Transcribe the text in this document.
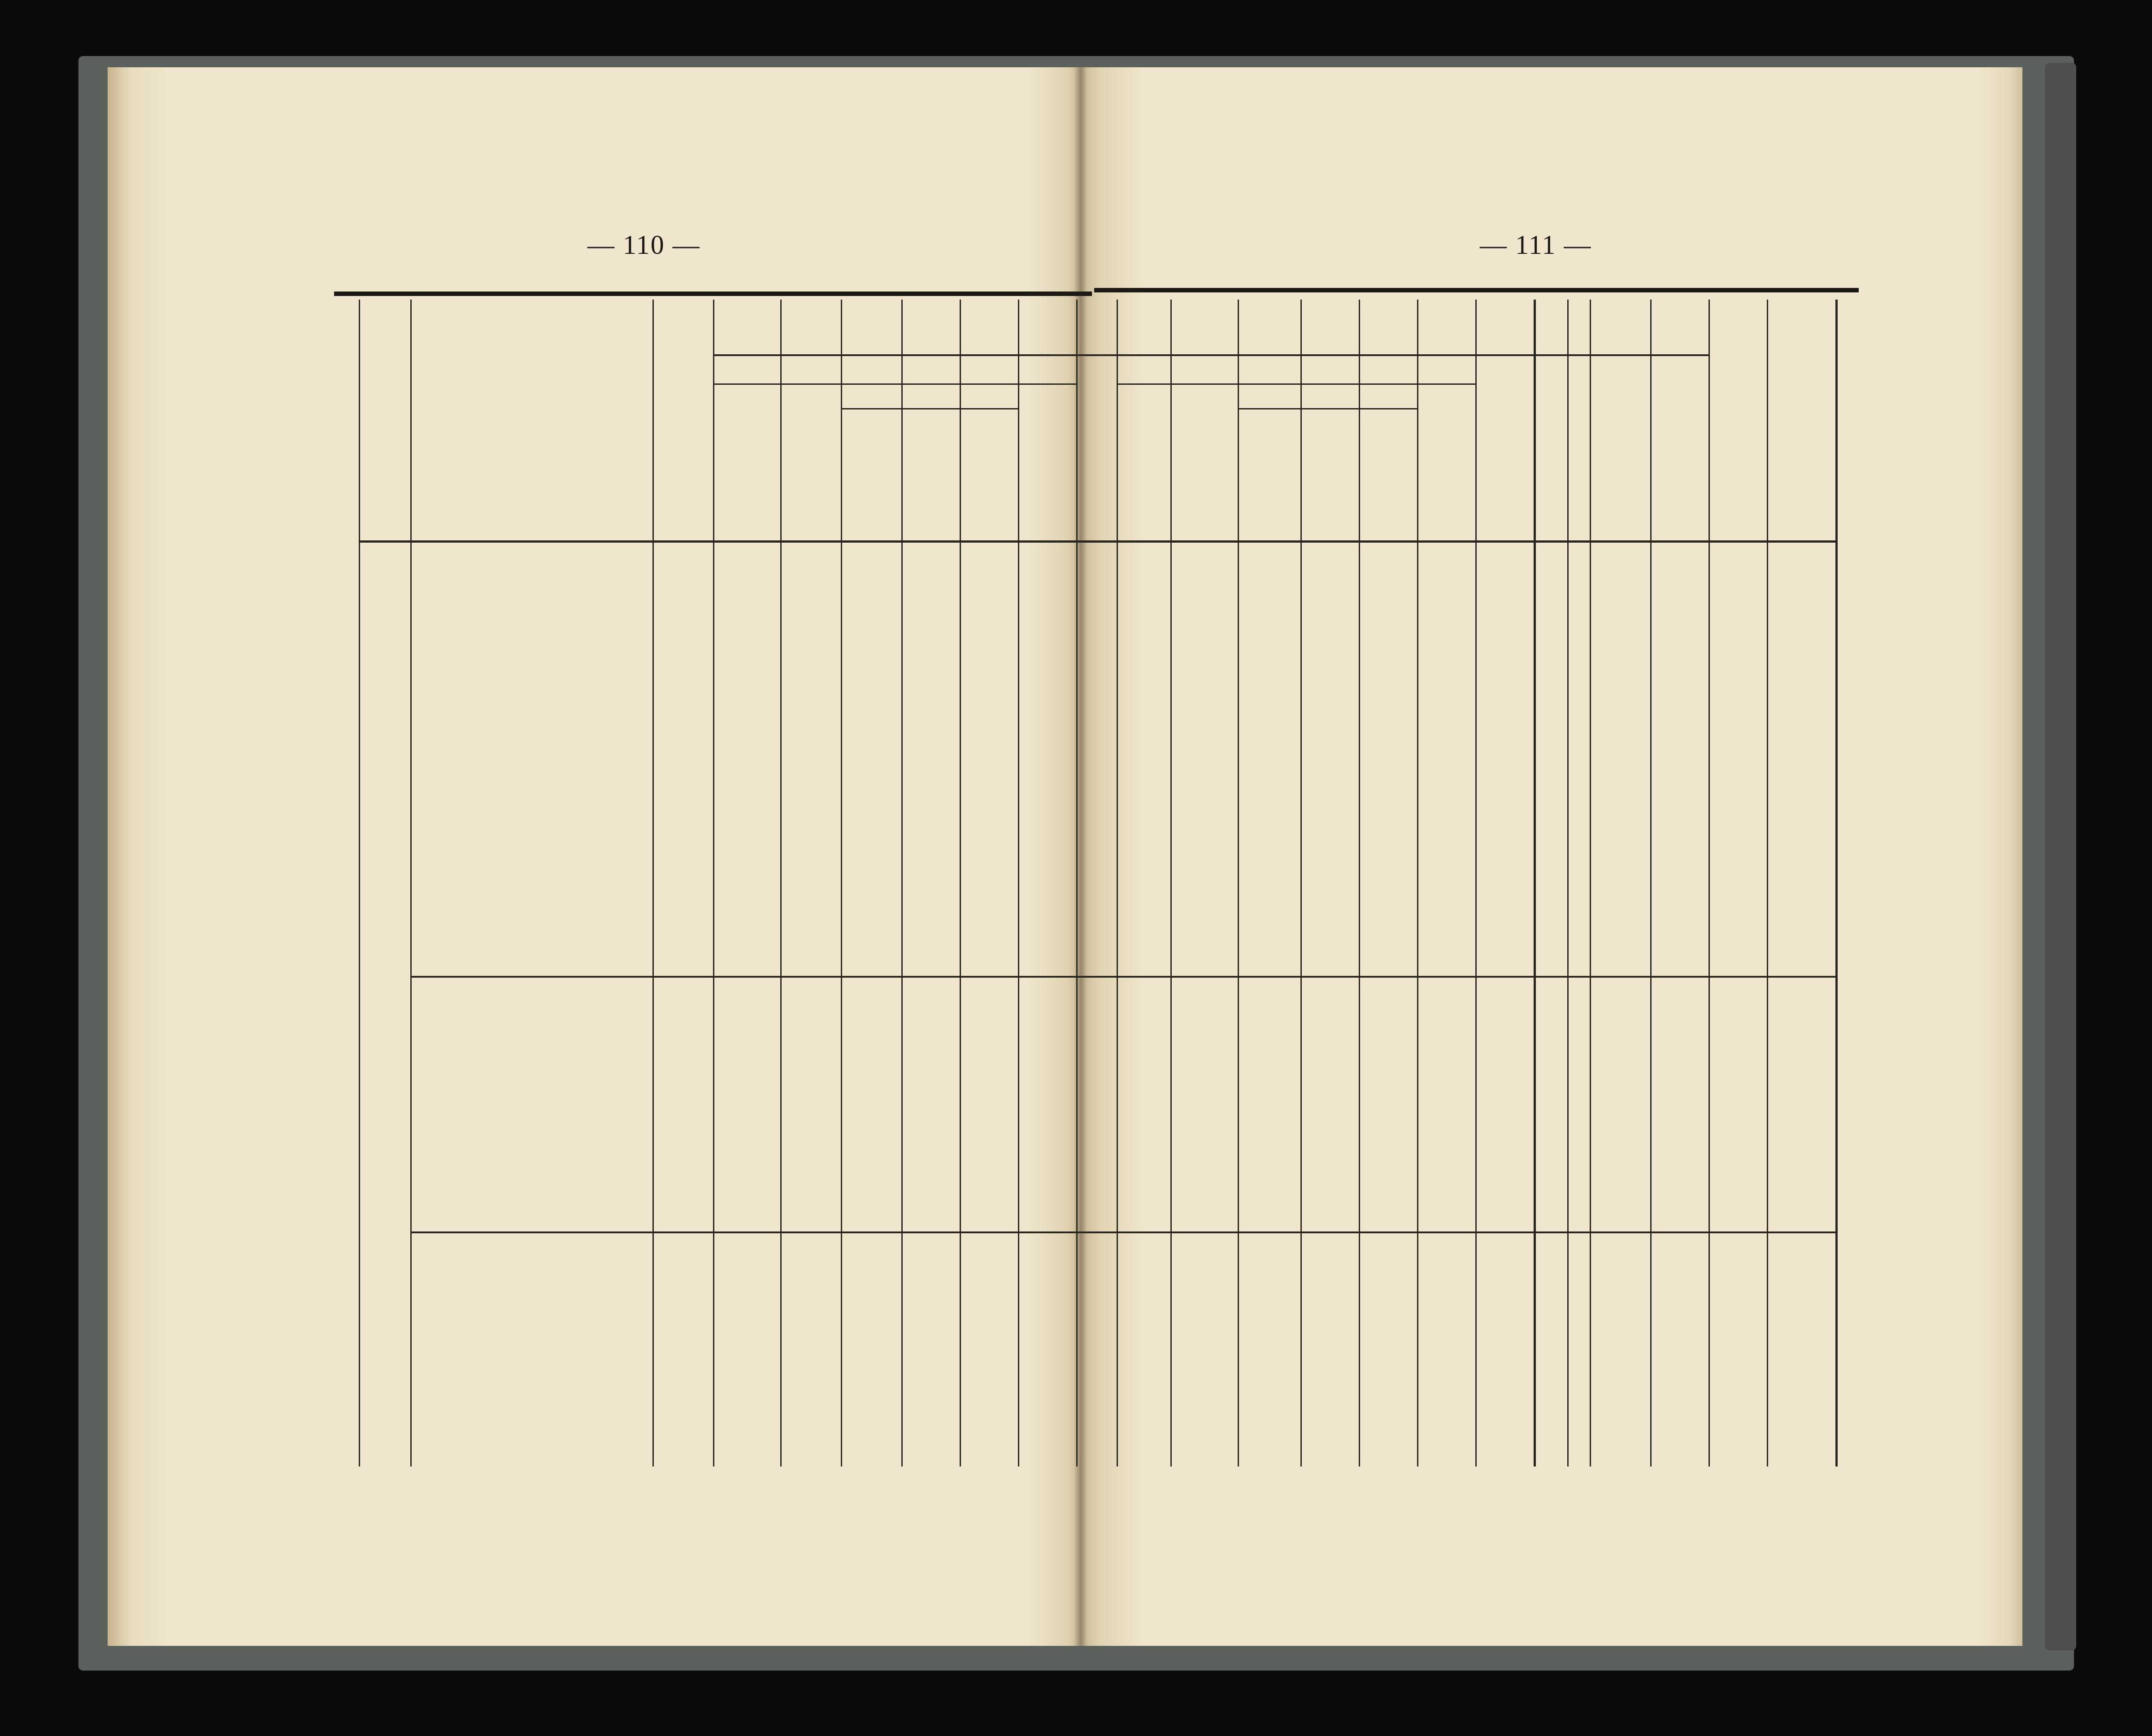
— 110 —	— 111 —
